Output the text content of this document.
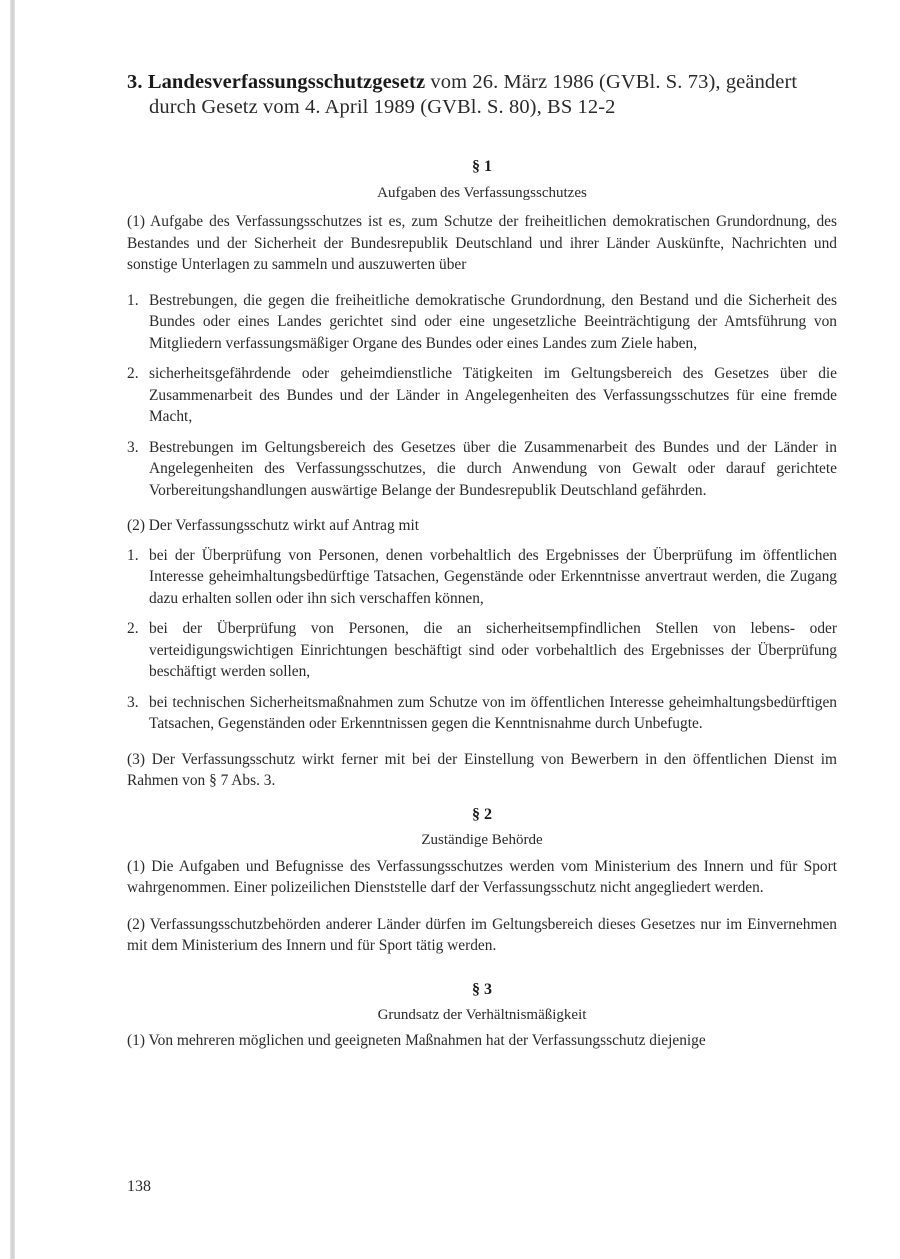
3. Landesverfassungsschutzgesetz vom 26. März 1986 (GVBl. S. 73), geändert durch Gesetz vom 4. April 1989 (GVBl. S. 80), BS 12-2

§ 1

Aufgaben des Verfassungsschutzes

(1) Aufgabe des Verfassungsschutzes ist es, zum Schutze der freiheitlichen demokratischen Grundordnung, des Bestandes und der Sicherheit der Bundesrepublik Deutschland und ihrer Länder Auskünfte, Nachrichten und sonstige Unterlagen zu sammeln und auszuwerten über

1. Bestrebungen, die gegen die freiheitliche demokratische Grundordnung, den Bestand und die Sicherheit des Bundes oder eines Landes gerichtet sind oder eine ungesetzliche Beeinträchtigung der Amtsführung von Mitgliedern verfassungsmäßiger Organe des Bundes oder eines Landes zum Ziele haben,
2. sicherheitsgefährdende oder geheimdienstliche Tätigkeiten im Geltungsbereich des Gesetzes über die Zusammenarbeit des Bundes und der Länder in Angelegenheiten des Verfassungsschutzes für eine fremde Macht,
3. Bestrebungen im Geltungsbereich des Gesetzes über die Zusammenarbeit des Bundes und der Länder in Angelegenheiten des Verfassungsschutzes, die durch Anwendung von Gewalt oder darauf gerichtete Vorbereitungshandlungen auswärtige Belange der Bundesrepublik Deutschland gefährden.

(2) Der Verfassungsschutz wirkt auf Antrag mit

1. bei der Überprüfung von Personen, denen vorbehaltlich des Ergebnisses der Überprüfung im öffentlichen Interesse geheimhaltungsbedürftige Tatsachen, Gegenstände oder Erkenntnisse anvertraut werden, die Zugang dazu erhalten sollen oder ihn sich verschaffen können,
2. bei der Überprüfung von Personen, die an sicherheitsempfindlichen Stellen von lebens- oder verteidigungswichtigen Einrichtungen beschäftigt sind oder vorbehaltlich des Ergebnisses der Überprüfung beschäftigt werden sollen,
3. bei technischen Sicherheitsmaßnahmen zum Schutze von im öffentlichen Interesse geheimhaltungsbedürftigen Tatsachen, Gegenständen oder Erkenntnissen gegen die Kenntnisnahme durch Unbefugte.

(3) Der Verfassungsschutz wirkt ferner mit bei der Einstellung von Bewerbern in den öffentlichen Dienst im Rahmen von § 7 Abs. 3.

§ 2

Zuständige Behörde

(1) Die Aufgaben und Befugnisse des Verfassungsschutzes werden vom Ministerium des Innern und für Sport wahrgenommen. Einer polizeilichen Dienststelle darf der Verfassungsschutz nicht angegliedert werden.

(2) Verfassungsschutzbehörden anderer Länder dürfen im Geltungsbereich dieses Gesetzes nur im Einvernehmen mit dem Ministerium des Innern und für Sport tätig werden.

§ 3

Grundsatz der Verhältnismäßigkeit

(1) Von mehreren möglichen und geeigneten Maßnahmen hat der Verfassungsschutz diejenige

138
